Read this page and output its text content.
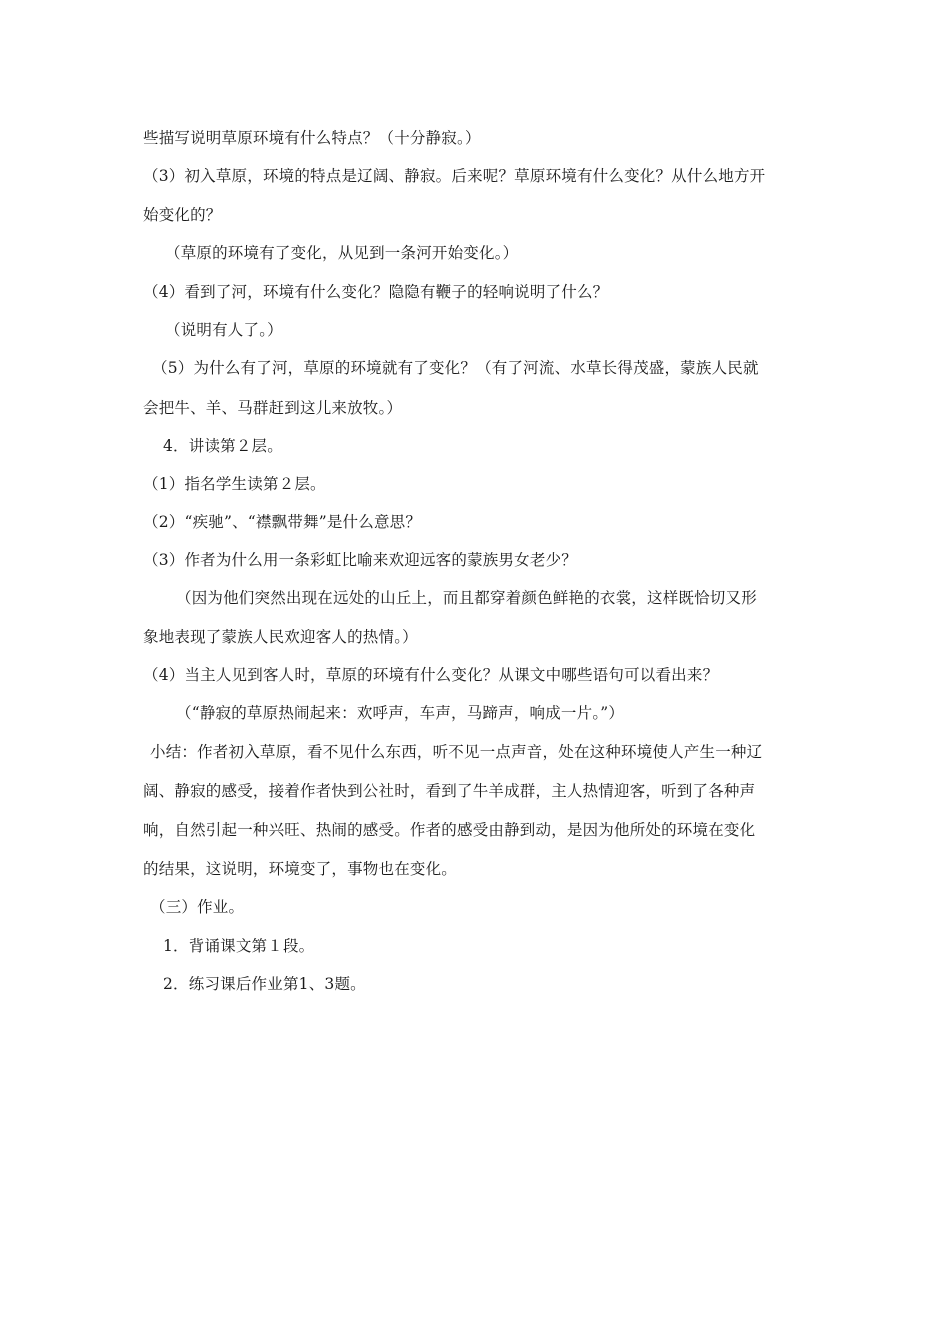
些描写说明草原环境有什么特点？（十分静寂。）
（3）初入草原，环境的特点是辽阔、静寂。后来呢？草原环境有什么变化？从什么地方开
始变化的？
（草原的环境有了变化，从见到一条河开始变化。）
（4）看到了河，环境有什么变化？隐隐有鞭子的轻响说明了什么？
（说明有人了。）
（5）为什么有了河，草原的环境就有了变化？（有了河流、水草长得茂盛，蒙族人民就
会把牛、羊、马群赶到这儿来放牧。）
4．讲读第２层。
（1）指名学生读第２层。
（2）“疾驰”、“襟飘带舞”是什么意思？
（3）作者为什么用一条彩虹比喻来欢迎远客的蒙族男女老少？
（因为他们突然出现在远处的山丘上，而且都穿着颜色鲜艳的衣裳，这样既恰切又形
象地表现了蒙族人民欢迎客人的热情。）
（4）当主人见到客人时，草原的环境有什么变化？从课文中哪些语句可以看出来？
（“静寂的草原热闹起来：欢呼声，车声，马蹄声，响成一片。”）
小结：作者初入草原，看不见什么东西，听不见一点声音，处在这种环境使人产生一种辽
阔、静寂的感受，接着作者快到公社时，看到了牛羊成群，主人热情迎客，听到了各种声
响，自然引起一种兴旺、热闹的感受。作者的感受由静到动，是因为他所处的环境在变化
的结果，这说明，环境变了，事物也在变化。
（三）作业。
1．背诵课文第１段。
2．练习课后作业第1、3题。
